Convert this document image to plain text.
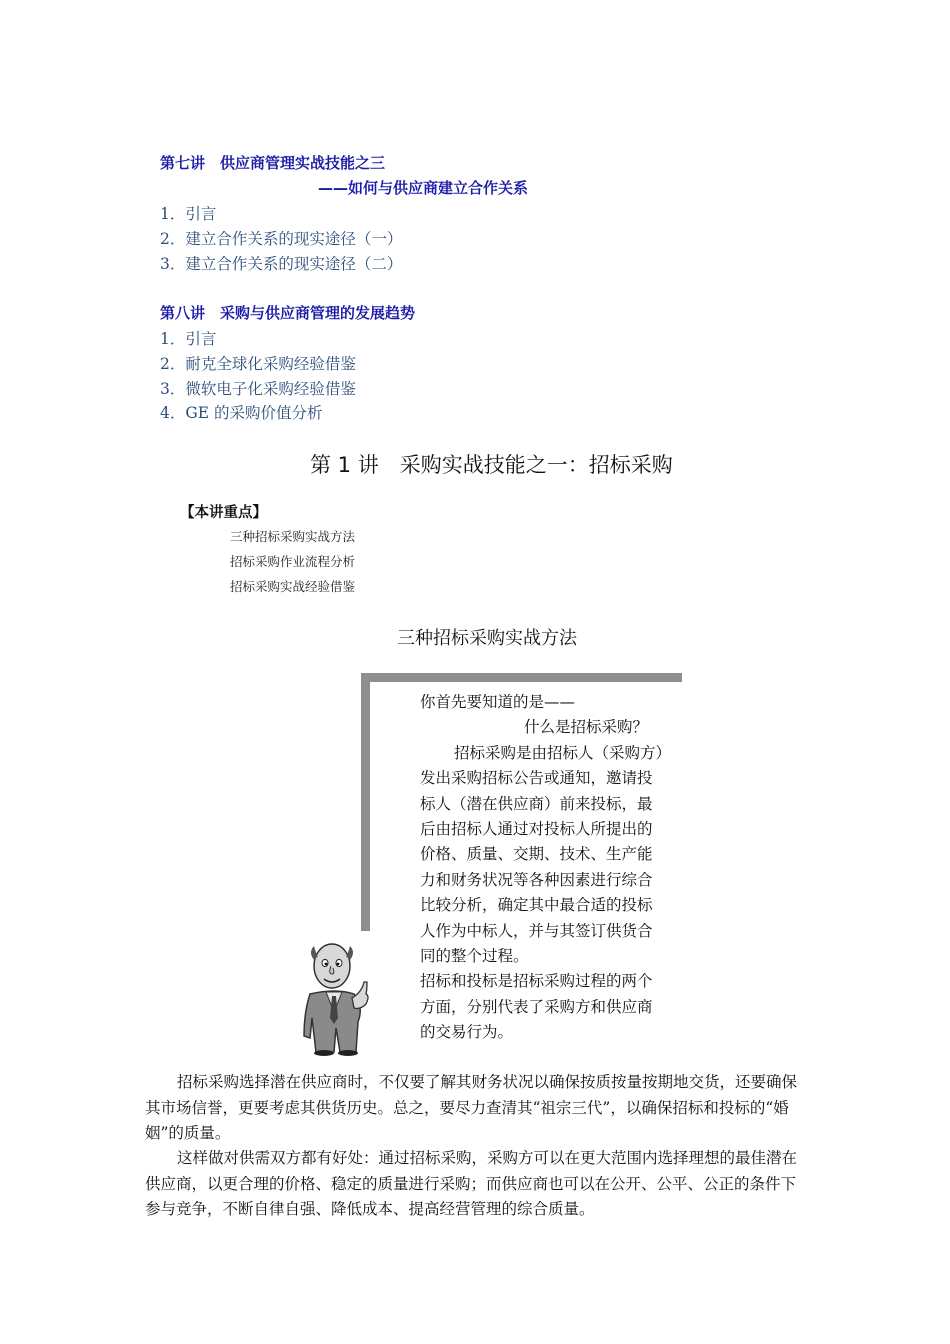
第七讲　供应商管理实战技能之三
——如何与供应商建立合作关系
1．引言
2．建立合作关系的现实途径（一）
3．建立合作关系的现实途径（二）
第八讲　采购与供应商管理的发展趋势
1．引言
2．耐克全球化采购经验借鉴
3．微软电子化采购经验借鉴
4．GE 的采购价值分析
第 1 讲　采购实战技能之一：招标采购
【本讲重点】
三种招标采购实战方法
招标采购作业流程分析
招标采购实战经验借鉴
三种招标采购实战方法
你首先要知道的是——
什么是招标采购？
招标采购是由招标人（采购方）
发出采购招标公告或通知，邀请投
标人（潜在供应商）前来投标，最
后由招标人通过对投标人所提出的
价格、质量、交期、技术、生产能
力和财务状况等各种因素进行综合
比较分析，确定其中最合适的投标
人作为中标人，并与其签订供货合
同的整个过程。
招标和投标是招标采购过程的两个
方面，分别代表了采购方和供应商
的交易行为。
招标采购选择潜在供应商时，不仅要了解其财务状况以确保按质按量按期地交货，还要确保其市场信誉，更要考虑其供货历史。总之，要尽力查清其“祖宗三代”，以确保招标和投标的“婚姻”的质量。
这样做对供需双方都有好处：通过招标采购，采购方可以在更大范围内选择理想的最佳潜在供应商，以更合理的价格、稳定的质量进行采购；而供应商也可以在公开、公平、公正的条件下参与竞争，不断自律自强、降低成本、提高经营管理的综合质量。
